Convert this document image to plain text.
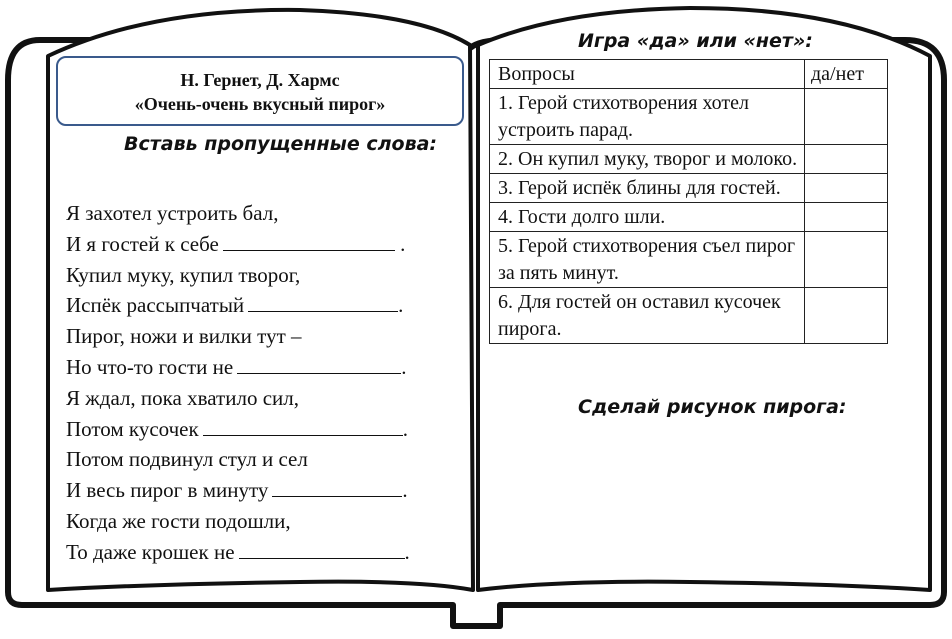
Н. Гернет, Д. Хармс
«Очень-очень вкусный пирог»
Вставь пропущенные слова:
Я захотел устроить бал,
И я гостей к себе	.
Купил муку, купил творог,
Испёк рассыпчатый	.
Пирог, ножи и вилки тут –
Но что-то гости не	.
Я ждал, пока хватило сил,
Потом кусочек	.
Потом подвинул стул и сел
И весь пирог в минуту	.
Когда же гости подошли,
То даже крошек не	.
Игра «да» или «нет»:
Вопросы	да/нет
1. Герой стихотворения хотел устроить парад.	
2. Он купил муку, творог и молоко.	
3. Герой испёк блины для гостей.	
4. Гости долго шли.	
5. Герой стихотворения съел пирог за пять минут.	
6. Для гостей он оставил кусочек пирога.	
Сделай рисунок пирога:
